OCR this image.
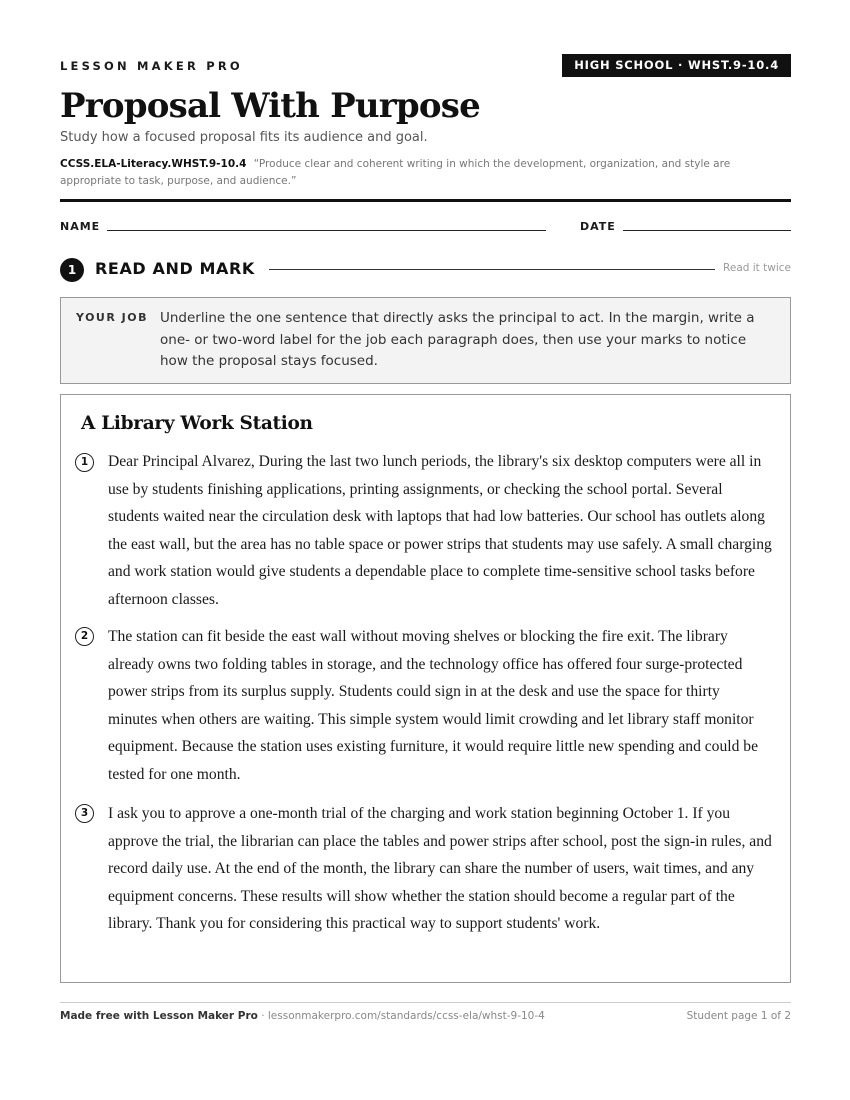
LESSON MAKER PRO	HIGH SCHOOL · WHST.9-10.4
Proposal With Purpose
Study how a focused proposal fits its audience and goal.
CCSS.ELA-Literacy.WHST.9-10.4 “Produce clear and coherent writing in which the development, organization, and style are appropriate to task, purpose, and audience.”
NAME	DATE
1	READ AND MARK	Read it twice
YOUR JOB Underline the one sentence that directly asks the principal to act. In the margin, write a one- or two-word label for the job each paragraph does, then use your marks to notice how the proposal stays focused.
A Library Work Station
1	Dear Principal Alvarez, During the last two lunch periods, the library's six desktop computers were all in use by students finishing applications, printing assignments, or checking the school portal. Several students waited near the circulation desk with laptops that had low batteries. Our school has outlets along the east wall, but the area has no table space or power strips that students may use safely. A small charging and work station would give students a dependable place to complete time-sensitive school tasks before afternoon classes.

2	The station can fit beside the east wall without moving shelves or blocking the fire exit. The library already owns two folding tables in storage, and the technology office has offered four surge-protected power strips from its surplus supply. Students could sign in at the desk and use the space for thirty minutes when others are waiting. This simple system would limit crowding and let library staff monitor equipment. Because the station uses existing furniture, it would require little new spending and could be tested for one month.

3	I ask you to approve a one-month trial of the charging and work station beginning October 1. If you approve the trial, the librarian can place the tables and power strips after school, post the sign-in rules, and record daily use. At the end of the month, the library can share the number of users, wait times, and any equipment concerns. These results will show whether the station should become a regular part of the library. Thank you for considering this practical way to support students' work.

Made free with Lesson Maker Pro · lessonmakerpro.com/standards/ccss-ela/whst-9-10-4	Student page 1 of 2
